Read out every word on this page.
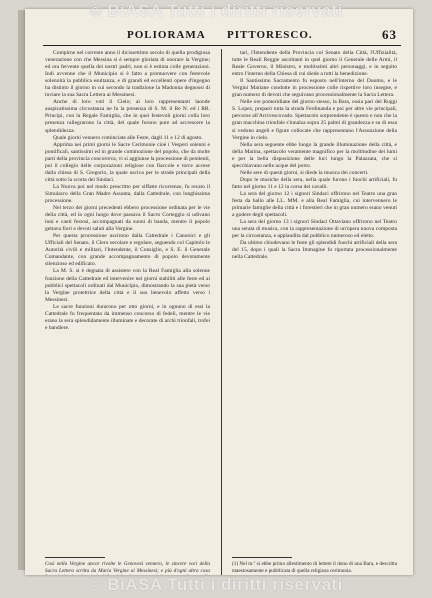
© BiASA Tutti i diritti riservati
POLIORAMA PITTORESCO.	63

Compirne nel corrente anno il dicissettimo secolo di quella prodigiosa venerazione con che Messina si è sempre gloriata di onorare la Vergine; ed ora fervente quella dei nostri padri, non si è estinta colle generazioni. Indi avvenne che il Municipio si è fatto a promuovere con festevole solennità la pubblica esultanza, e di grandi ed eccellenti opere d'ingegno ha distinto il giorno in cui secondo la tradizione la Madonna degnossi di inviare la sua Sacra Lettera ai Messinesi.

Anche di loro voti il Cielo; ai loro rappresentanti laonde auspicatissima circostanza ne fu la presenza di S. M. il Re N. ed i RR. Principi, con la Regale Famiglia, che in quei festevoli giorni colla loro presenza rallegrarono la città, del quale furono pure ad accrescere la splendidezza.

Quale giorni vennero cominciate alle Feste, dagli 11 e 12 di agosto.

Apprima nei primi giorni le Sacre Cerimonie cioè i Vesperi solenni e pontificali, santissimi ed in grande commozione del popolo, che da molte parti della provincia concorreva, vi si aggiunse la processione di penitenti, poi il collegio delle corporazioni religiose con fiaccole e torce accese dalla chiesa di S. Gregorio, la quale usciva per le strade principali della città sotto la scorta dei Sindaci.

La Nuova poi nel modo prescritto per siffatte ricorrenze, fu recato il Simulacro della Gran Madre Assunta, dalla Cattedrale, con lunghissima processione.

Nel terzo dei giorni precedenti ebbero processione ordinata per le vie della città, ed in ogni luogo dove passava il Sacro Corteggio si udivano inni e canti festosi, accompagnati da suoni di banda, mentre il popolo gettava fiori e devoti saluti alla Vergine.

Per questa processione uscirono dalla Cattedrale i Canonici e gli Ufficiali del Senato, il Clero secolare e regolare, seguendo col Capitolo le Autorità civili e militari, l'Intendente, il Consiglio, e S. E. il Generale Comandante, con grande accompagnamento di popolo devotamente silenzioso ed edificato.

La M. S. si è degnata di assistere con la Real Famiglia alla solenne funzione della Cattedrale ed intervenire nei giorni stabiliti alle feste ed ai pubblici spettacoli ordinati dal Municipio, dimostrando la sua pietà verso la Vergine protettrice della città e il suo benevolo affetto verso i Messinesi.

Le sacre funzioni durarono per otto giorni, e in ognuno di essi la Cattedrale fu frequentata da immenso concorso di fedeli, mentre le vie erano la sera splendidamente illuminate e decorate di archi trionfali, trofei e bandiere.

tari, l'Intendente della Provincia col Senato della Città, l'Uffizialità, tutte le Reali Reggie ascoltanti in quel giorno il Generale delle Armi, il Reale Governo, il Ministro, e moltissimi altri personaggi, e in seguito entro l'interno della Chiesa di cui diede a tutti la benedizione.

Il Santissimo Sacramento fu esposto nell'interno del Duomo, e le Vergini Mariane condotte in processione colle rispettive loro insegne, e gran numero di devoti che seguivano processionalmente la Sacra Lettera.

Nelle ore pomeridiane del giorno stesso, la Bara, ossia pari del Ruggi S. Lopez, preparò tutta la strada Ferdinanda e poi per altre vie principali, percorse all'Arcivescovado. Spettacolo sorprendente è questo e non che la gran macchina trionfale s'innalza sopra 25 palmi di grandezza e su di essa si vedono angeli e figure collocate che rappresentano l'Assunzione della Vergine in cielo.

Nella sera seguente ebbe luogo la grande illuminazione della città, e della Marina, spettacolo veramente magnifico per la moltitudine dei lumi e per la bella disposizione delle luci lungo la Palazzata, che si specchiavano nelle acque del porto.

Nelle sere di questi giorni, si diede la musica dei concerti.

Dopo le musiche della sera, nella quale furono i fuochi artificiali, fu fatto nel giorno 11 e 12 la corsa dei cavalli.

La sera del giorno 12 i signori Sindaci offrirono nel Teatro una gran festa da ballo alle LL. MM. e alla Real Famiglia, cui intervennero le primarie famiglie della città e i forestieri che in gran numero erano venuti a godere degli spettacoli.

La sera del giorno 13 i signori Sindaci Ottaviano offrirono nel Teatro una serata di musica, con la rappresentazione di un'opera nuova composta per la circostanza, e applaudita dal pubblico numeroso ed eletto.

Da ultimo chiudevano le feste gli splendidi fuochi artificiali della sera del 15, dopo i quali la Sacra Immagine fu riportata processionalmente nella Cattedrale.

Così nella Vergine ancor rivolte le Genovesi vennero, le sincere voci della Sacra Lettera scritta da Maria Vergine ai Messinesi; e più d'ogni altra cosa
(1) Nel m.º si ebbe primo allestimento di lettere il dono di una Bara, e descritta maestosamente e pubblicata di quella religiosa cerimonia.
© BiASA Tutti i diritti riservati
